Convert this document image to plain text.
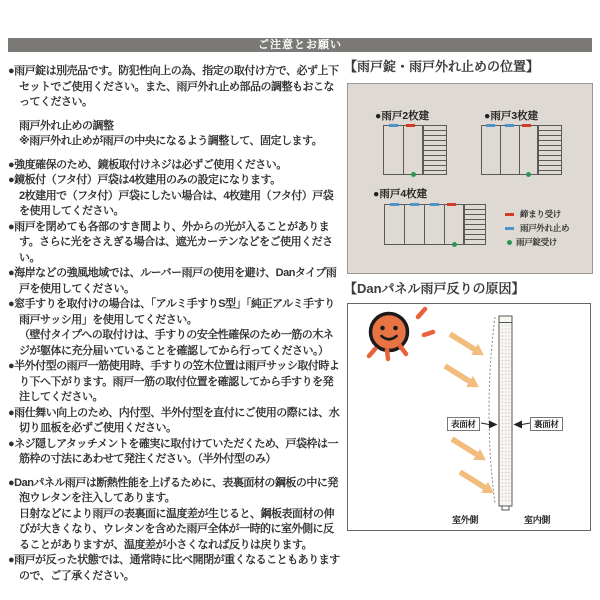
ご注意とお願い
●雨戸錠は別売品です。防犯性向上の為、指定の取付け方で、必ず上下セットでご使用ください。また、雨戸外れ止め部品の調整もおこなってください。
雨戸外れ止めの調整
※雨戸外れ止めが雨戸の中央になるよう調整して、固定します。
●強度確保のため、鏡板取付けネジは必ずご使用ください。
●鏡板付（フタ付）戸袋は4枚建用のみの設定になります。
2枚建用で（フタ付）戸袋にしたい場合は、4枚建用（フタ付）戸袋を使用してください。
●雨戸を閉めても各部のすき間より、外からの光が入ることがあります。さらに光をさえぎる場合は、遮光カーテンなどをご使用ください。
●海岸などの強風地域では、ルーバー雨戸の使用を避け、Danタイプ雨戸を使用してください。
●窓手すりを取付けの場合は、「アルミ手すりS型」「純正アルミ手すり雨戸サッシ用」を使用してください。
（壁付タイプへの取付けは、手すりの安全性確保のため一筋の木ネジが躯体に充分届いていることを確認してから行ってください。）
●半外付型の雨戸一筋使用時、手すりの笠木位置は雨戸サッシ取付時より下へ下がります。雨戸一筋の取付位置を確認してから手すりを発注してください。
●雨仕舞い向上のため、内付型、半外付型を直付にご使用の際には、水切り皿板を必ずご使用ください。
●ネジ隠しアタッチメントを確実に取付けていただくため、戸袋枠は一筋枠の寸法にあわせて発注ください。（半外付型のみ）
●Danパネル雨戸は断熱性能を上げるために、表裏面材の鋼板の中に発泡ウレタンを注入してあります。
日射などにより雨戸の表裏面に温度差が生じると、鋼板表面材の伸びが大きくなり、ウレタンを含めた雨戸全体が一時的に室外側に反ることがありますが、温度差が小さくなれば反りは戻ります。
●雨戸が反った状態では、通常時に比べ開閉が重くなることもありますので、ご了承ください。
【雨戸錠・雨戸外れ止めの位置】
締まり受け
雨戸外れ止め
雨戸錠受け
●雨戸2枚建	●雨戸3枚建
●雨戸4枚建
【Danパネル雨戸反りの原因】
表面材	裏面材
室外側	室内側
